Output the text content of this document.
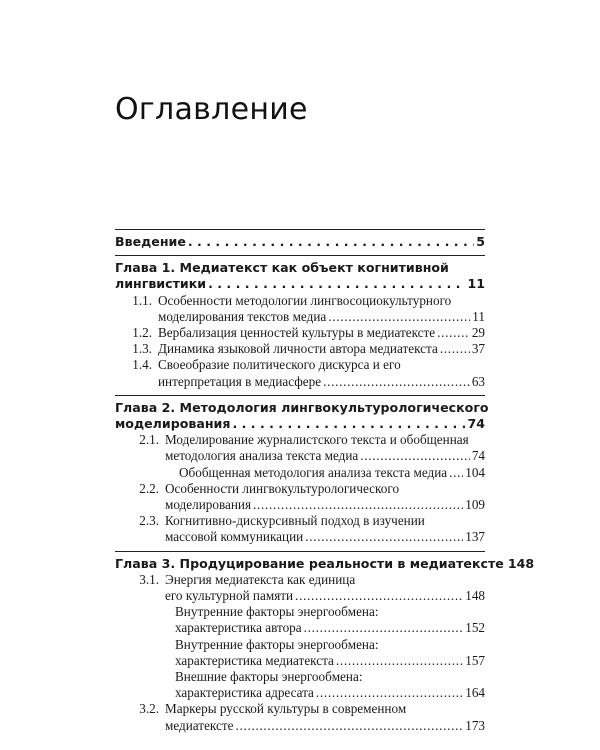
Оглавление
Введение . . .	5
Глава 1. Медиатекст как объект когнитивной
лингвистики . . .	11
1.1. Особенности методологии лингвосоциокультурного
моделирования текстов медиа . . .	11
1.2. Вербализация ценностей культуры в медиатексте . . .	29
1.3. Динамика языковой личности автора медиатекста . . .	37
1.4. Своеобразие политического дискурса и его
интерпретация в медиасфере . . .	63
Глава 2. Методология лингвокультурологического
моделирования . . .	74
2.1. Моделирование журналистского текста и обобщенная
методология анализа текста медиа . . .	74
Обобщенная методология анализа текста медиа . . . 104
2.2. Особенности лингвокультурологического
моделирования . . .	109
2.3. Когнитивно-дискурсивный подход в изучении
массовой коммуникации . . .	137
Глава 3. Продуцирование реальности в медиатексте 148
3.1. Энергия медиатекста как единица
его культурной памяти . . .	148
Внутренние факторы энергообмена:
характеристика автора . . .	152
Внутренние факторы энергообмена:
характеристика медиатекста . . .	157
Внешние факторы энергообмена:
характеристика адресата . . .	164
3.2. Маркеры русской культуры в современном
медиатексте . . .	173
